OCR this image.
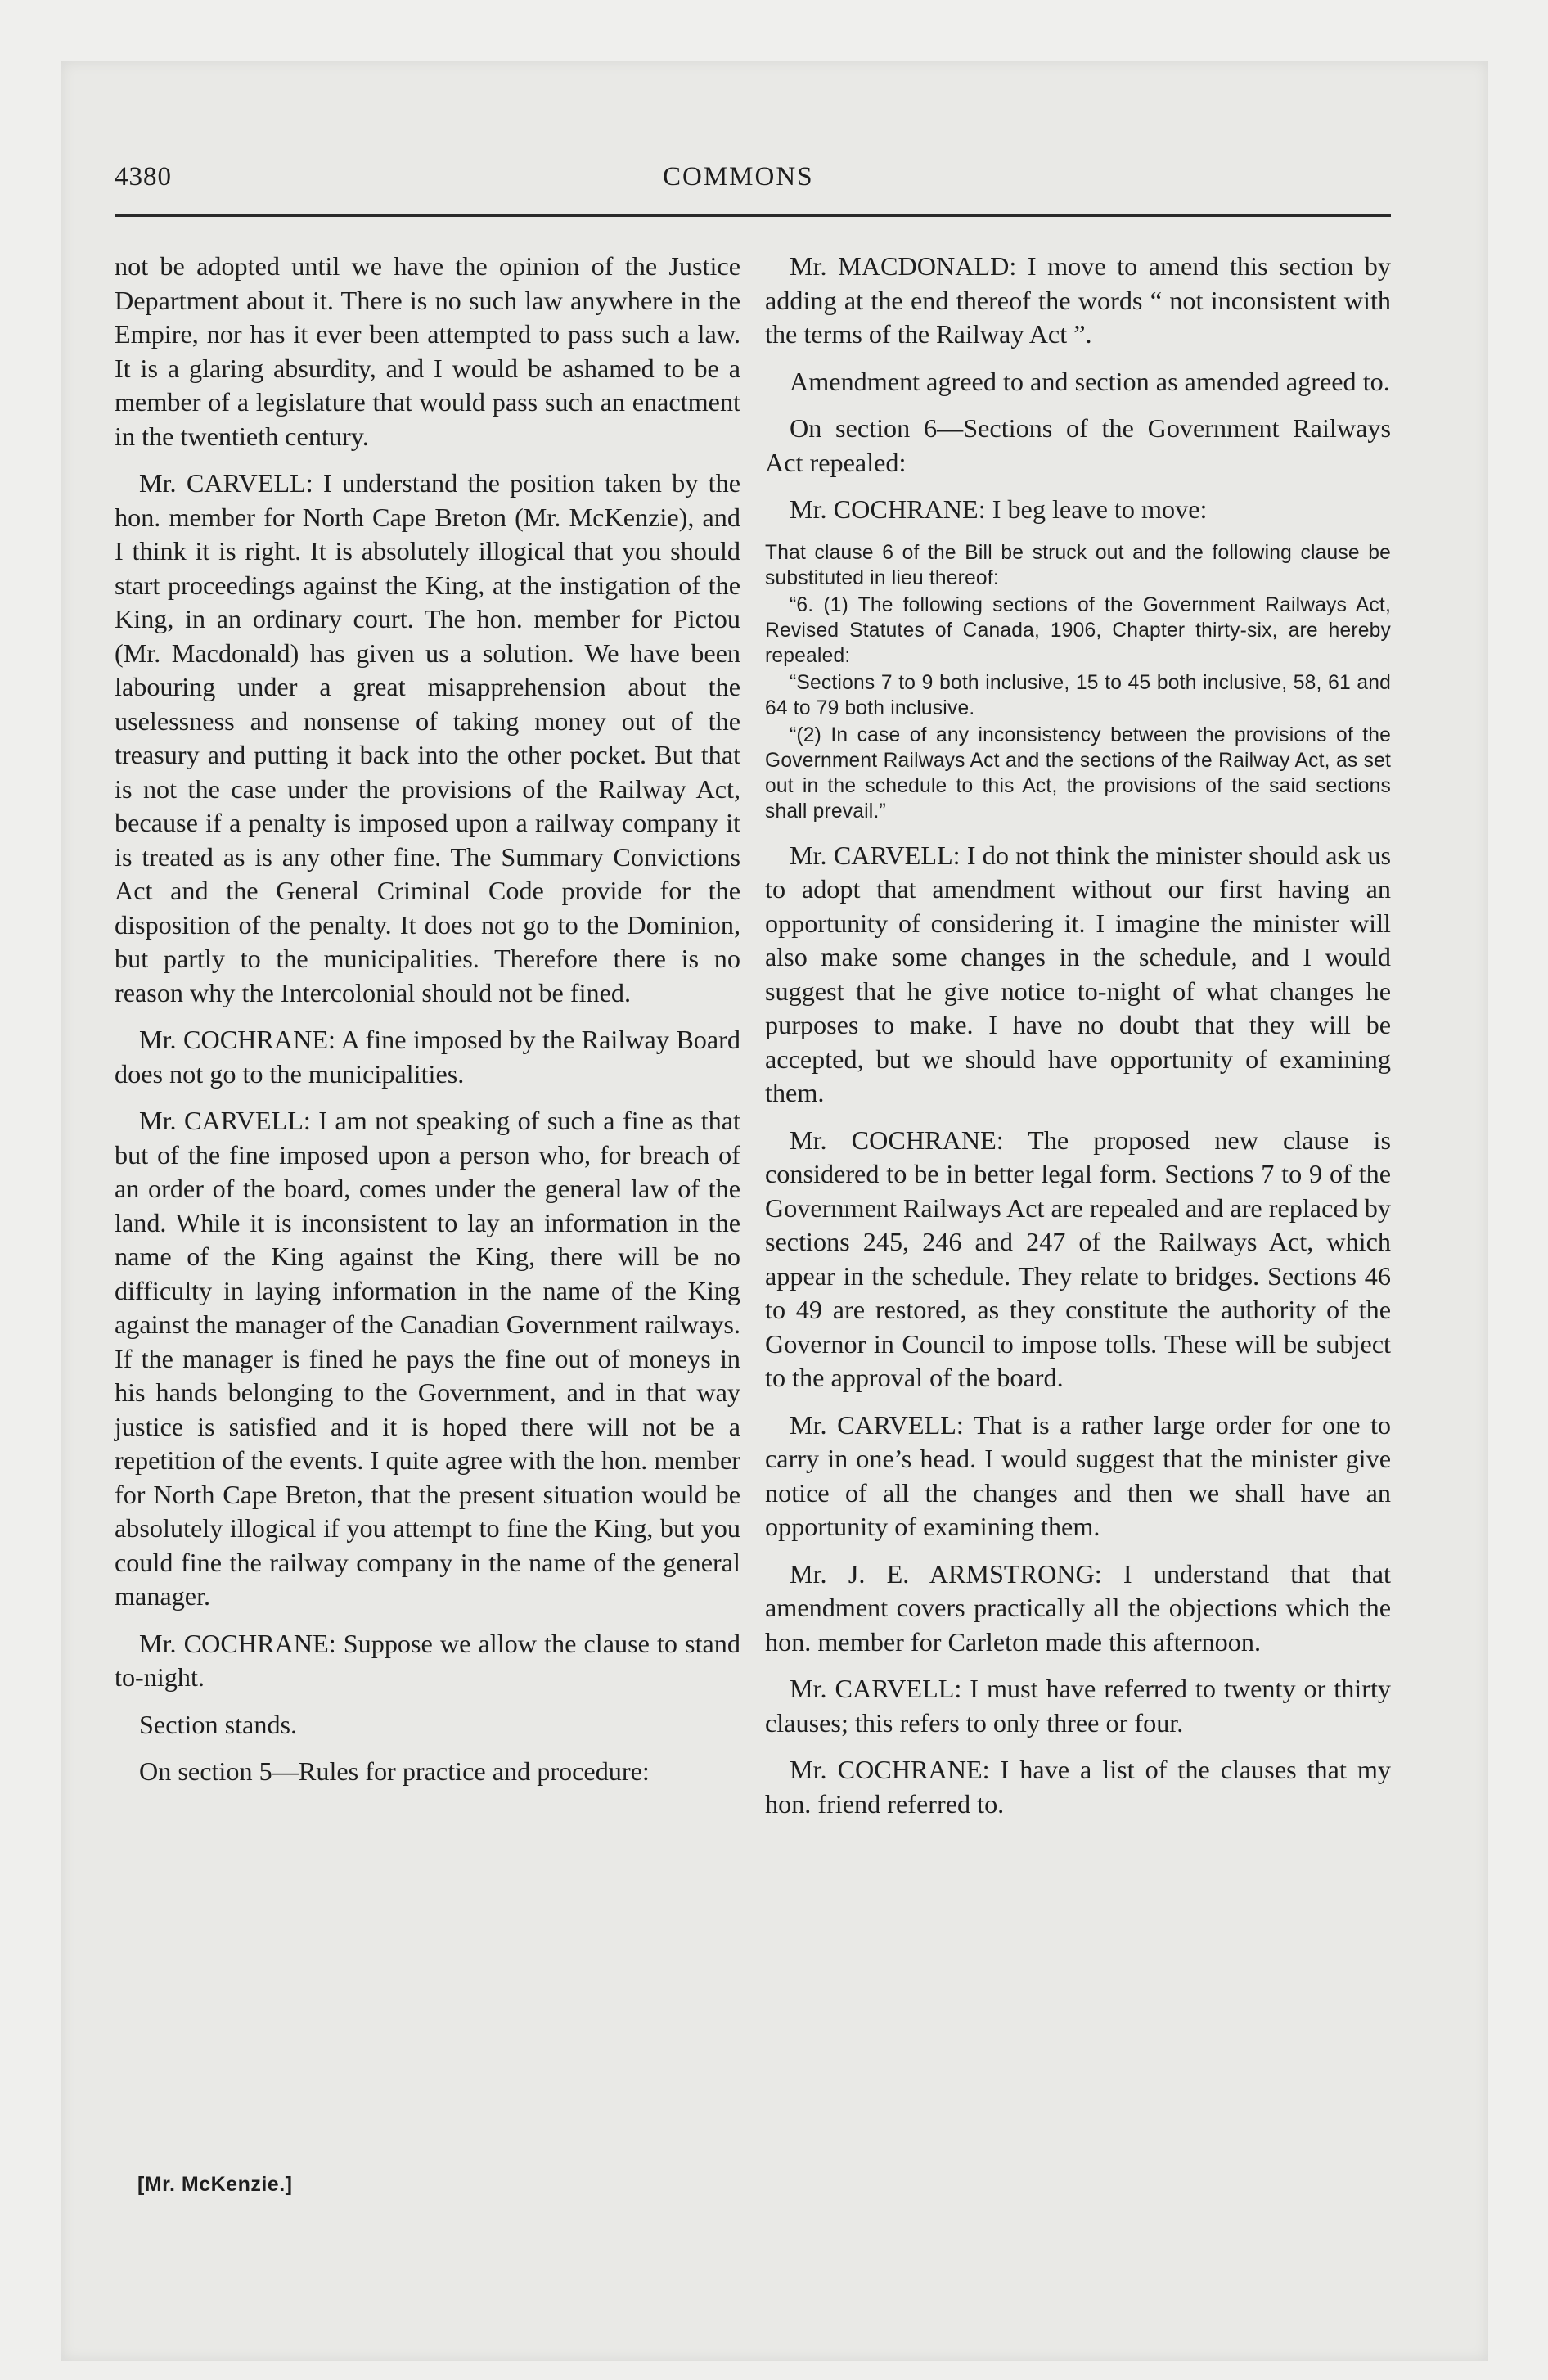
4380	COMMONS

not be adopted until we have the opinion of the Justice Department about it. There is no such law anywhere in the Empire, nor has it ever been attempted to pass such a law. It is a glaring absurdity, and I would be ashamed to be a member of a legislature that would pass such an enactment in the twentieth century.

Mr. CARVELL: I understand the position taken by the hon. member for North Cape Breton (Mr. McKenzie), and I think it is right. It is absolutely illogical that you should start proceedings against the King, at the instigation of the King, in an ordinary court. The hon. member for Pictou (Mr. Macdonald) has given us a solution. We have been labouring under a great misapprehension about the uselessness and nonsense of taking money out of the treasury and putting it back into the other pocket. But that is not the case under the provisions of the Railway Act, because if a penalty is imposed upon a railway company it is treated as is any other fine. The Summary Convictions Act and the General Criminal Code provide for the disposition of the penalty. It does not go to the Dominion, but partly to the municipalities. Therefore there is no reason why the Intercolonial should not be fined.

Mr. COCHRANE: A fine imposed by the Railway Board does not go to the municipalities.

Mr. CARVELL: I am not speaking of such a fine as that but of the fine imposed upon a person who, for breach of an order of the board, comes under the general law of the land. While it is inconsistent to lay an information in the name of the King against the King, there will be no difficulty in laying information in the name of the King against the manager of the Canadian Government railways. If the manager is fined he pays the fine out of moneys in his hands belonging to the Government, and in that way justice is satisfied and it is hoped there will not be a repetition of the events. I quite agree with the hon. member for North Cape Breton, that the present situation would be absolutely illogical if you attempt to fine the King, but you could fine the railway company in the name of the general manager.

Mr. COCHRANE: Suppose we allow the clause to stand to-night.

Section stands.

On section 5—Rules for practice and procedure:

Mr. MACDONALD: I move to amend this section by adding at the end thereof the words “ not inconsistent with the terms of the Railway Act ”.

Amendment agreed to and section as amended agreed to.

On section 6—Sections of the Government Railways Act repealed:

Mr. COCHRANE: I beg leave to move:

That clause 6 of the Bill be struck out and the following clause be substituted in lieu thereof:

“6. (1) The following sections of the Government Railways Act, Revised Statutes of Canada, 1906, Chapter thirty-six, are hereby repealed:

“Sections 7 to 9 both inclusive, 15 to 45 both inclusive, 58, 61 and 64 to 79 both inclusive.

“(2) In case of any inconsistency between the provisions of the Government Railways Act and the sections of the Railway Act, as set out in the schedule to this Act, the provisions of the said sections shall prevail.”

Mr. CARVELL: I do not think the minister should ask us to adopt that amendment without our first having an opportunity of considering it. I imagine the minister will also make some changes in the schedule, and I would suggest that he give notice to-night of what changes he purposes to make. I have no doubt that they will be accepted, but we should have opportunity of examining them.

Mr. COCHRANE: The proposed new clause is considered to be in better legal form. Sections 7 to 9 of the Government Railways Act are repealed and are replaced by sections 245, 246 and 247 of the Railways Act, which appear in the schedule. They relate to bridges. Sections 46 to 49 are restored, as they constitute the authority of the Governor in Council to impose tolls. These will be subject to the approval of the board.

Mr. CARVELL: That is a rather large order for one to carry in one’s head. I would suggest that the minister give notice of all the changes and then we shall have an opportunity of examining them.

Mr. J. E. ARMSTRONG: I understand that that amendment covers practically all the objections which the hon. member for Carleton made this afternoon.

Mr. CARVELL: I must have referred to twenty or thirty clauses; this refers to only three or four.

Mr. COCHRANE: I have a list of the clauses that my hon. friend referred to.

[Mr. McKenzie.]
